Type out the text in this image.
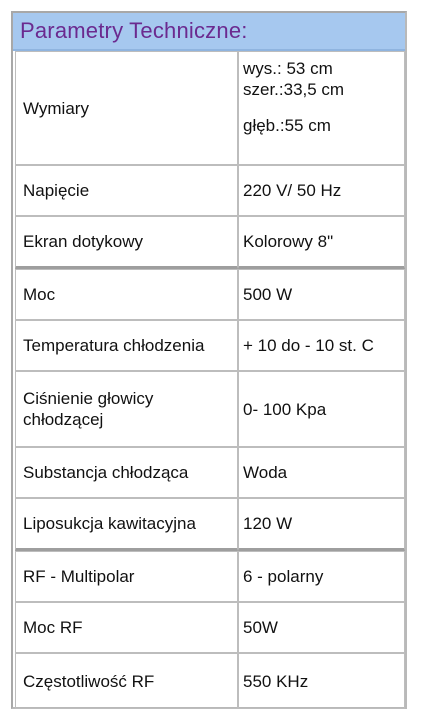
Parametry Techniczne:
Wymiary	wys.: 53 cm
szer.:33,5 cm
głęb.:55 cm

Napięcie	220 V/ 50 Hz
Ekran dotykowy	Kolorowy 8"
Moc	500 W
Temperatura chłodzenia	+ 10 do - 10 st. C

Ciśnienie głowicy
chłodzącej	0- 100 Kpa
Substancja chłodząca	Woda
Liposukcja kawitacyjna	120 W
RF - Multipolar	6 - polarny
Moc RF	50W
Częstotliwość RF	550 KHz
